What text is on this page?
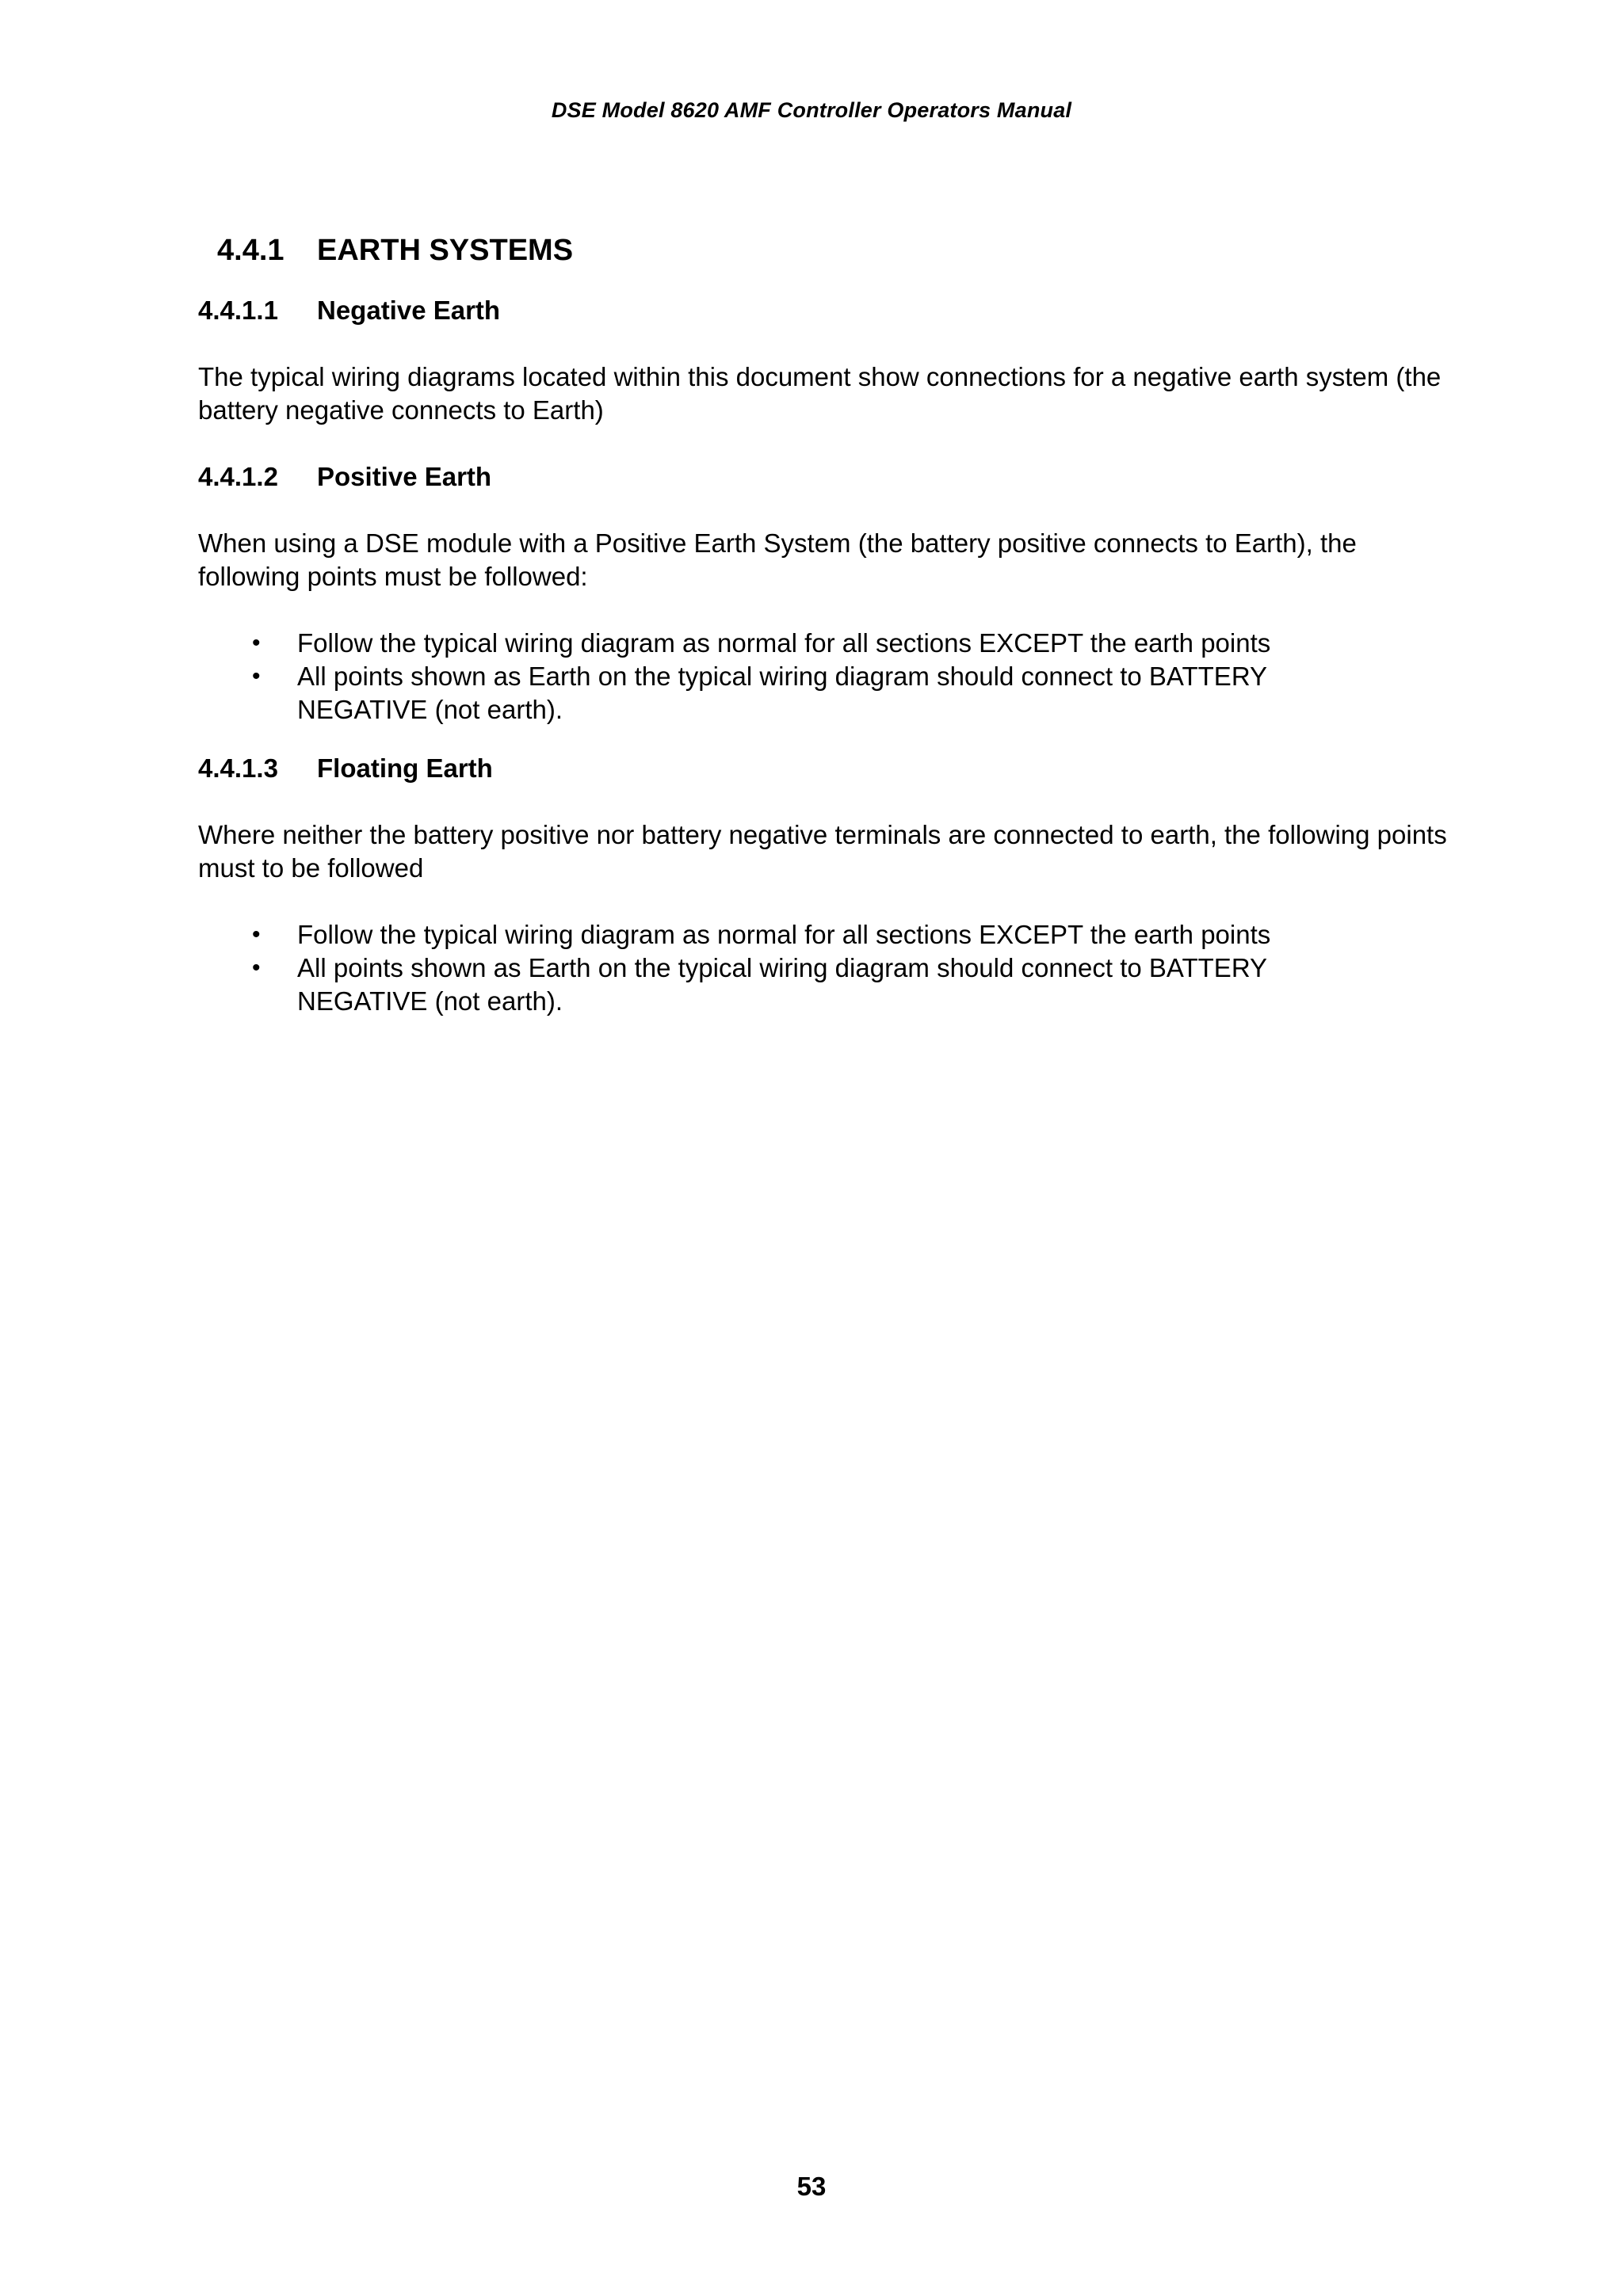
DSE Model 8620 AMF Controller Operators Manual
4.4.1	EARTH SYSTEMS
4.4.1.1	Negative Earth
The typical wiring diagrams located within this document show connections for a negative earth system (the battery negative connects to Earth)
4.4.1.2	Positive Earth
When using a DSE module with a Positive Earth System (the battery positive connects to Earth), the following points must be followed:
•	Follow the typical wiring diagram as normal for all sections EXCEPT the earth points
•	All points shown as Earth on the typical wiring diagram should connect to BATTERY NEGATIVE (not earth).
4.4.1.3	Floating Earth
Where neither the battery positive nor battery negative terminals are connected to earth, the following points must to be followed
•	Follow the typical wiring diagram as normal for all sections EXCEPT the earth points
•	All points shown as Earth on the typical wiring diagram should connect to BATTERY NEGATIVE (not earth).
53
